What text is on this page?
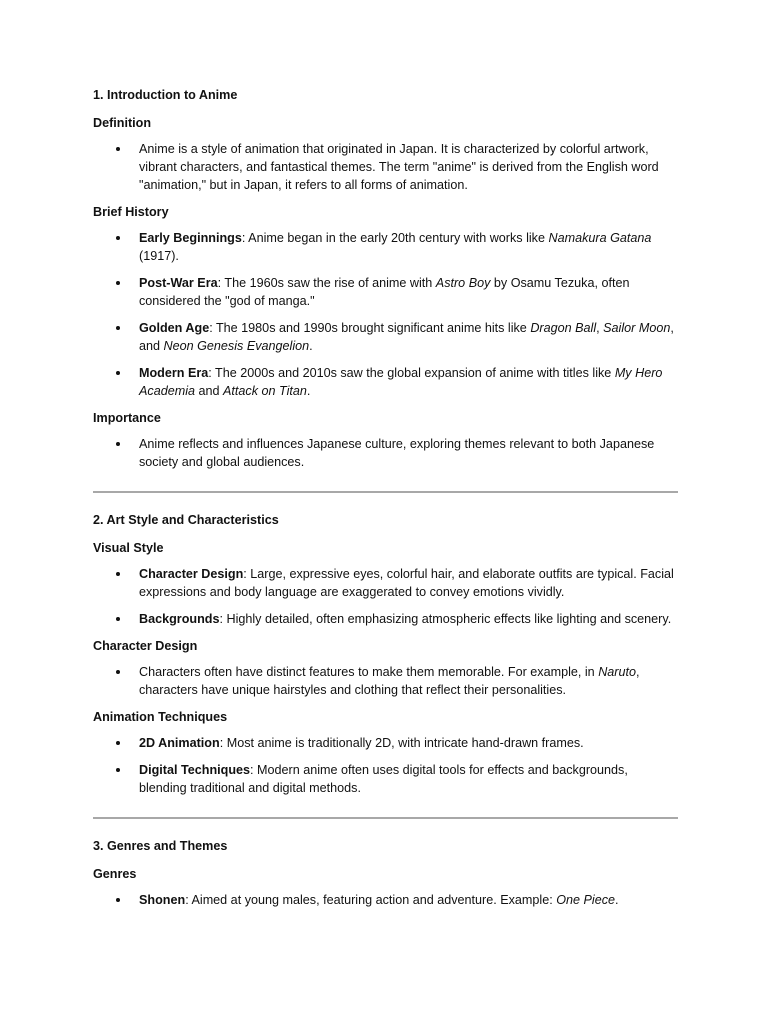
1. Introduction to Anime
Definition
Anime is a style of animation that originated in Japan. It is characterized by colorful artwork, vibrant characters, and fantastical themes. The term "anime" is derived from the English word "animation," but in Japan, it refers to all forms of animation.
Brief History
Early Beginnings: Anime began in the early 20th century with works like Namakura Gatana (1917).
Post-War Era: The 1960s saw the rise of anime with Astro Boy by Osamu Tezuka, often considered the "god of manga."
Golden Age: The 1980s and 1990s brought significant anime hits like Dragon Ball, Sailor Moon, and Neon Genesis Evangelion.
Modern Era: The 2000s and 2010s saw the global expansion of anime with titles like My Hero Academia and Attack on Titan.
Importance
Anime reflects and influences Japanese culture, exploring themes relevant to both Japanese society and global audiences.
2. Art Style and Characteristics
Visual Style
Character Design: Large, expressive eyes, colorful hair, and elaborate outfits are typical. Facial expressions and body language are exaggerated to convey emotions vividly.
Backgrounds: Highly detailed, often emphasizing atmospheric effects like lighting and scenery.
Character Design
Characters often have distinct features to make them memorable. For example, in Naruto, characters have unique hairstyles and clothing that reflect their personalities.
Animation Techniques
2D Animation: Most anime is traditionally 2D, with intricate hand-drawn frames.
Digital Techniques: Modern anime often uses digital tools for effects and backgrounds, blending traditional and digital methods.
3. Genres and Themes
Genres
Shonen: Aimed at young males, featuring action and adventure. Example: One Piece.
